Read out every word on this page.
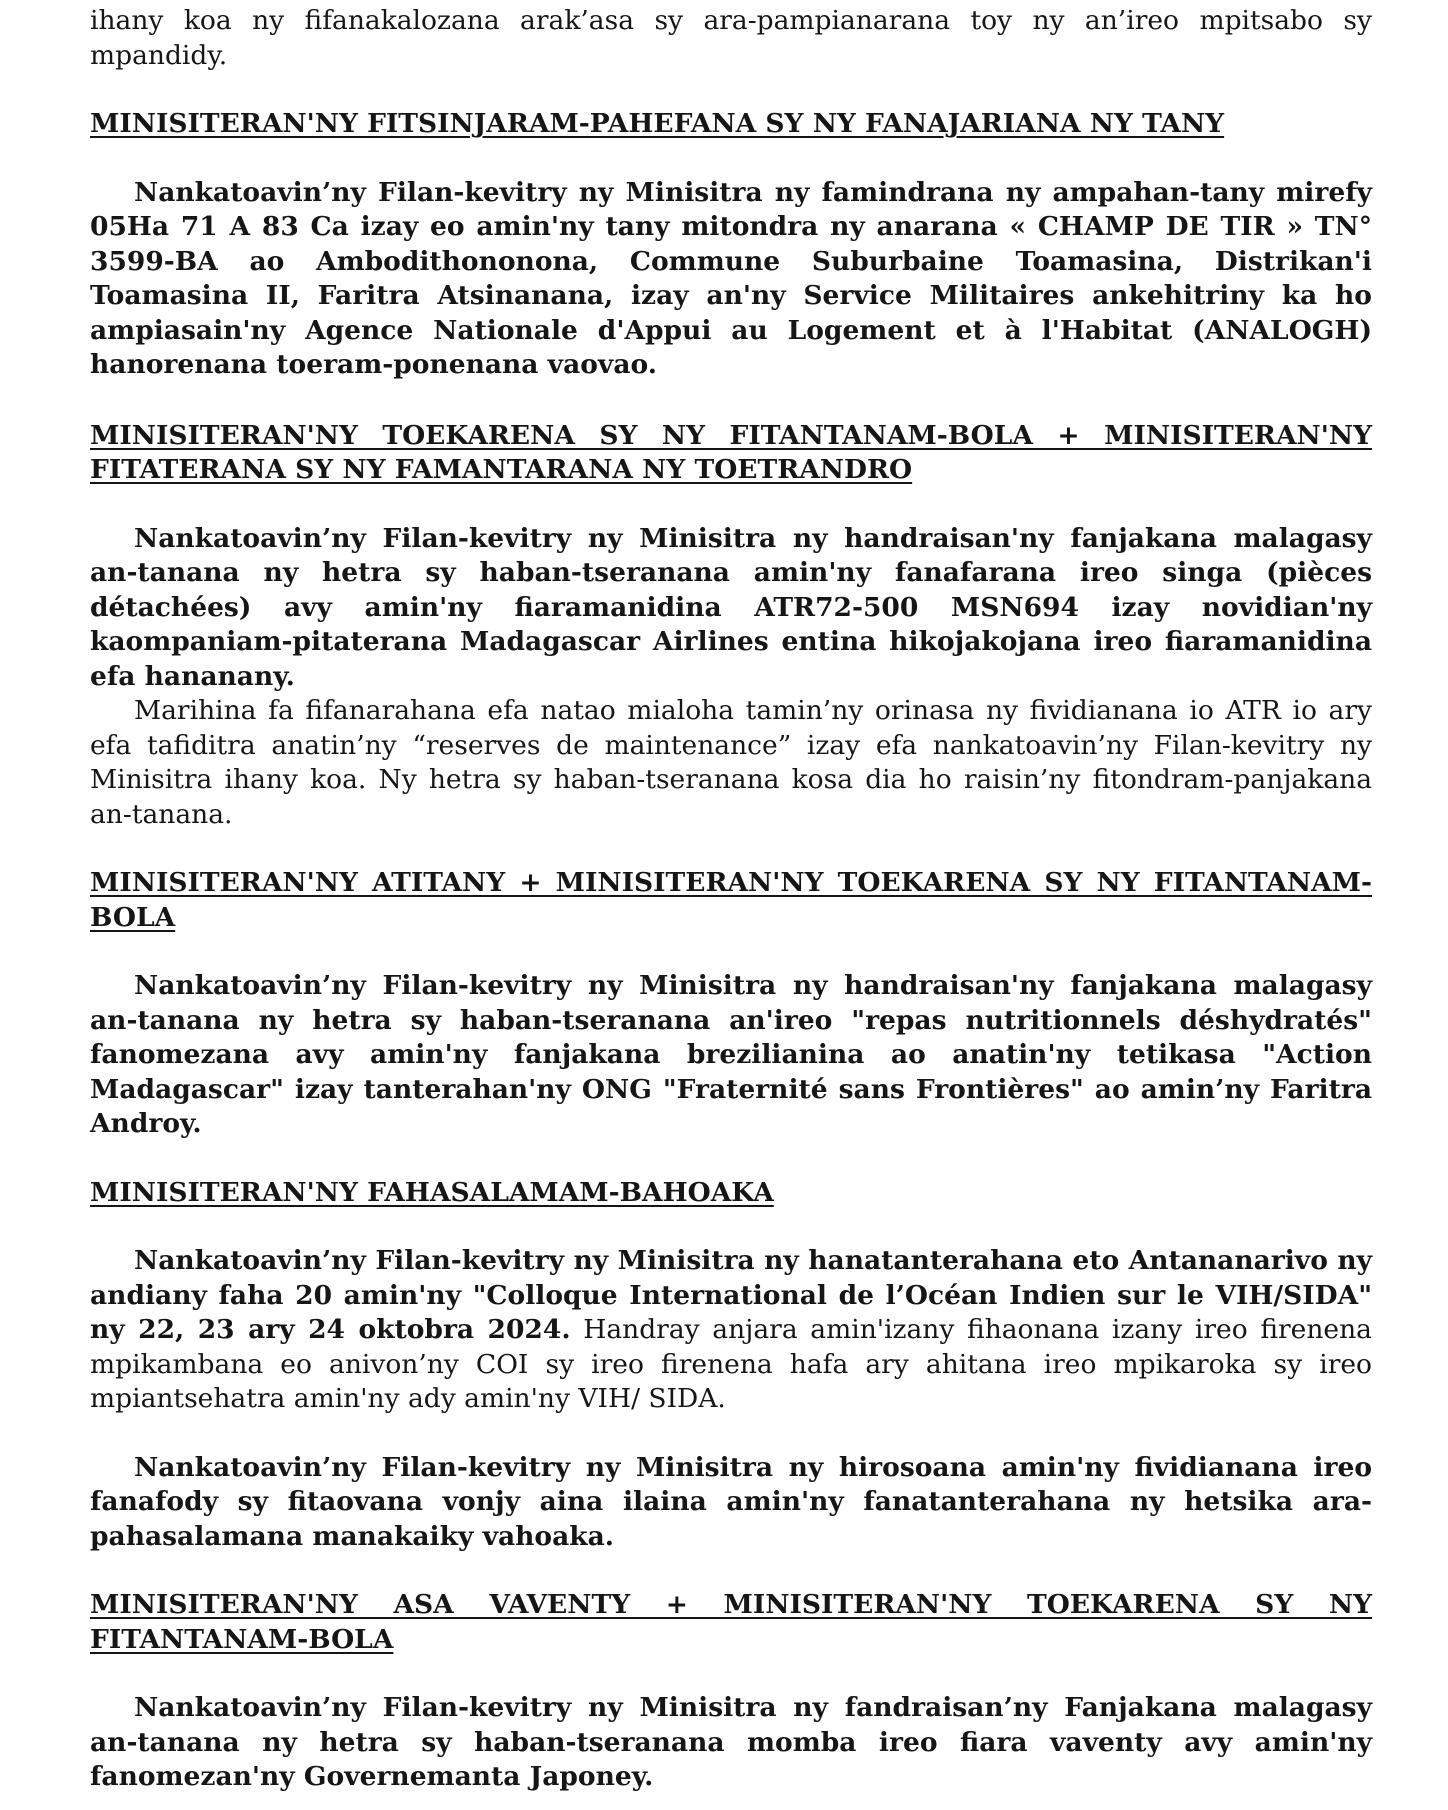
ihany koa ny fifanakalozana arak’asa sy ara-pampianarana toy ny an’ireo mpitsabo sy mpandidy.

MINISITERAN'NY FITSINJARAM-PAHEFANA SY NY FANAJARIANA NY TANY

Nankatoavin’ny Filan-kevitry ny Minisitra ny famindrana ny ampahan-tany mirefy 05Ha 71 A 83 Ca izay eo amin'ny tany mitondra ny anarana « CHAMP DE TIR » TN° 3599-BA ao Ambodithononona, Commune Suburbaine Toamasina, Distrikan'i Toamasina II, Faritra Atsinanana, izay an'ny Service Militaires ankehitriny ka ho ampiasain'ny Agence Nationale d'Appui au Logement et à l'Habitat (ANALOGH) hanorenana toeram-ponenana vaovao.

MINISITERAN'NY TOEKARENA SY NY FITANTANAM-BOLA + MINISITERAN'NY FITATERANA SY NY FAMANTARANA NY TOETRANDRO

Nankatoavin’ny Filan-kevitry ny Minisitra ny handraisan'ny fanjakana malagasy an-tanana ny hetra sy haban-tseranana amin'ny fanafarana ireo singa (pièces détachées) avy amin'ny fiaramanidina ATR72-500 MSN694 izay novidian'ny kaompaniam-pitaterana Madagascar Airlines entina hikojakojana ireo fiaramanidina efa hananany.

Marihina fa fifanarahana efa natao mialoha tamin’ny orinasa ny fividianana io ATR io ary efa tafiditra anatin’ny “reserves de maintenance” izay efa nankatoavin’ny Filan-kevitry ny Minisitra ihany koa. Ny hetra sy haban-tseranana kosa dia ho raisin’ny fitondram-panjakana an-tanana.

MINISITERAN'NY ATITANY + MINISITERAN'NY TOEKARENA SY NY FITANTANAM-BOLA

Nankatoavin’ny Filan-kevitry ny Minisitra ny handraisan'ny fanjakana malagasy an-tanana ny hetra sy haban-tseranana an'ireo "repas nutritionnels déshydratés" fanomezana avy amin'ny fanjakana brezilianina ao anatin'ny tetikasa "Action Madagascar" izay tanterahan'ny ONG "Fraternité sans Frontières" ao amin’ny Faritra Androy.

MINISITERAN'NY FAHASALAMAM-BAHOAKA

Nankatoavin’ny Filan-kevitry ny Minisitra ny hanatanterahana eto Antananarivo ny andiany faha 20 amin'ny "Colloque International de l’Océan Indien sur le VIH/SIDA" ny 22, 23 ary 24 oktobra 2024. Handray anjara amin'izany fihaonana izany ireo firenena mpikambana eo anivon’ny COI sy ireo firenena hafa ary ahitana ireo mpikaroka sy ireo mpiantsehatra amin'ny ady amin'ny VIH/ SIDA.

Nankatoavin’ny Filan-kevitry ny Minisitra ny hirosoana amin'ny fividianana ireo fanafody sy fitaovana vonjy aina ilaina amin'ny fanatanterahana ny hetsika ara-pahasalamana manakaiky vahoaka.

MINISITERAN'NY ASA VAVENTY + MINISITERAN'NY TOEKARENA SY NY FITANTANAM-BOLA

Nankatoavin’ny Filan-kevitry ny Minisitra ny fandraisan’ny Fanjakana malagasy an-tanana ny hetra sy haban-tseranana momba ireo fiara vaventy avy amin'ny fanomezan'ny Governemanta Japoney.
